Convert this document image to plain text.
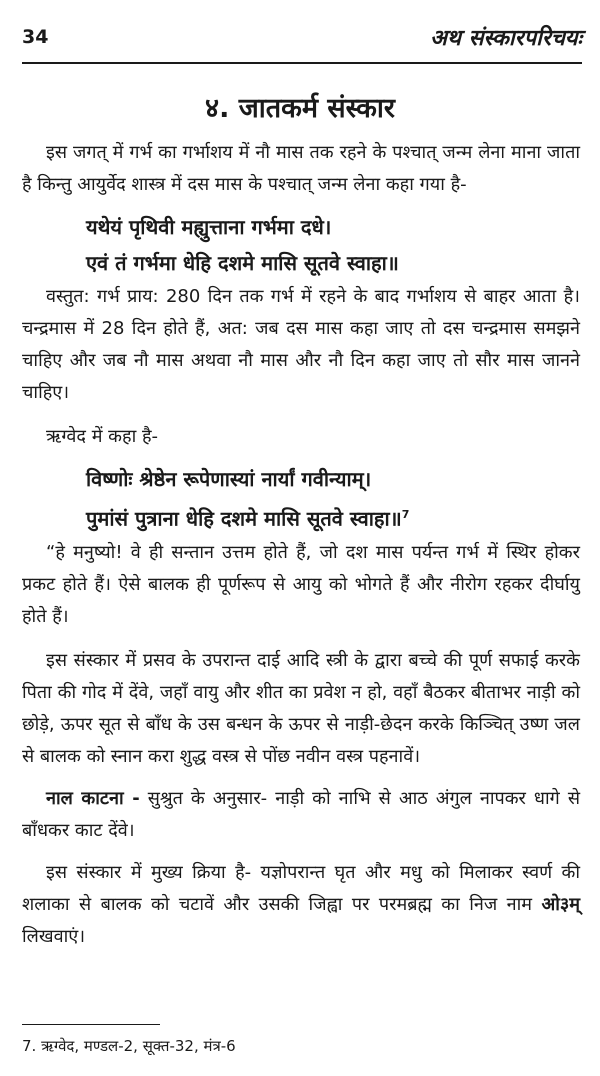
34	अथ संस्कारपरिचयः
४. जातकर्म संस्कार

इस जगत् में गर्भ का गर्भाशय में नौ मास तक रहने के पश्चात् जन्म लेना माना जाता है किन्तु आयुर्वेद शास्त्र में दस मास के पश्चात् जन्म लेना कहा गया है-

यथेयं पृथिवी मह्युत्ताना गर्भमा दधे।

एवं तं गर्भमा धेहि दशमे मासि सूतवे स्वाहा॥

वस्तुत: गर्भ प्राय: 280 दिन तक गर्भ में रहने के बाद गर्भाशय से बाहर आता है। चन्द्रमास में 28 दिन होते हैं, अत: जब दस मास कहा जाए तो दस चन्द्रमास समझने चाहिए और जब नौ मास अथवा नौ मास और नौ दिन कहा जाए तो सौर मास जानने चाहिए।

ऋग्वेद में कहा है-

विष्णोः श्रेष्ठेन रूपेणास्यां नार्यां गवीन्याम्।

पुमांसं पुत्राना धेहि दशमे मासि सूतवे स्वाहा॥$^7$

“हे मनुष्यो! वे ही सन्तान उत्तम होते हैं, जो दश मास पर्यन्त गर्भ में स्थिर होकर प्रकट होते हैं। ऐसे बालक ही पूर्णरूप से आयु को भोगते हैं और नीरोग रहकर दीर्घायु होते हैं।

इस संस्कार में प्रसव के उपरान्त दाई आदि स्त्री के द्वारा बच्चे की पूर्ण सफाई करके पिता की गोद में देंवे, जहाँ वायु और शीत का प्रवेश न हो, वहाँ बैठकर बीताभर नाड़ी को छोड़े, ऊपर सूत से बाँध के उस बन्धन के ऊपर से नाड़ी-छेदन करके किञ्चित् उष्ण जल से बालक को स्नान करा शुद्ध वस्त्र से पोंछ नवीन वस्त्र पहनावें।

नाल काटना - सुश्रुत के अनुसार- नाड़ी को नाभि से आठ अंगुल नापकर धागे से बाँधकर काट देंवे।

इस संस्कार में मुख्य क्रिया है- यज्ञोपरान्त घृत और मधु को मिलाकर स्वर्ण की शलाका से बालक को चटावें और उसकी जिह्वा पर परमब्रह्म का निज नाम ओ३म् लिखवाएं।

7. ऋग्वेद, मण्डल-2, सूक्त-32, मंत्र-6
